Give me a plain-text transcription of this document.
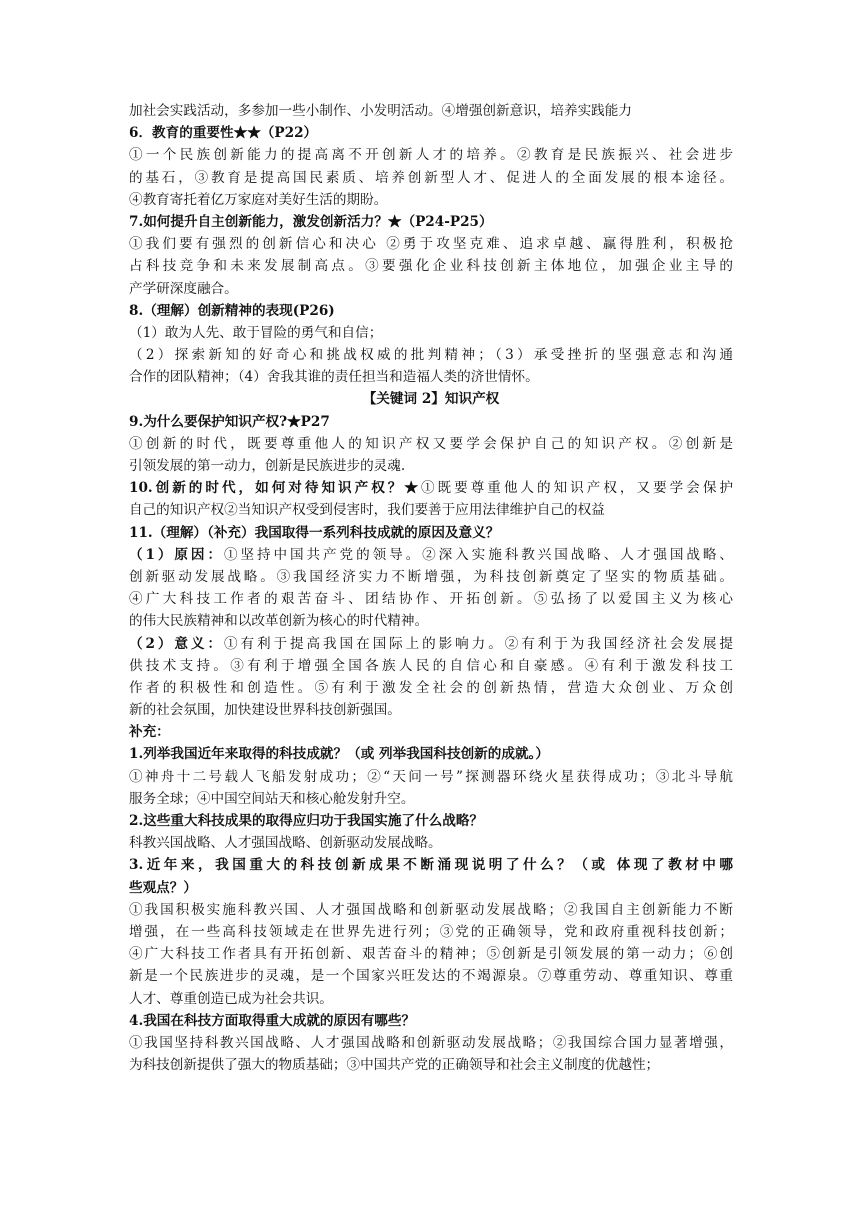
加社会实践活动，多参加一些小制作、小发明活动。④增强创新意识，培养实践能力
6．教育的重要性★★（P22）
①一个民族创新能力的提高离不开创新人才的培养。②教育是民族振兴、社会进步
的基石，③教育是提高国民素质、培养创新型人才、促进人的全面发展的根本途径。
④教育寄托着亿万家庭对美好生活的期盼。
7.如何提升自主创新能力，激发创新活力？★（P24-P25）
①我们要有强烈的创新信心和决心 ②勇于攻坚克难、追求卓越、赢得胜利，积极抢
占科技竞争和未来发展制高点。③要强化企业科技创新主体地位，加强企业主导的
产学研深度融合。
8.（理解）创新精神的表现(P26)
（1）敢为人先、敢于冒险的勇气和自信；
（2）探索新知的好奇心和挑战权威的批判精神；（3）承受挫折的坚强意志和沟通
合作的团队精神；（4）舍我其谁的责任担当和造福人类的济世情怀。
【关键词 2】知识产权
9.为什么要保护知识产权?★P27
①创新的时代，既要尊重他人的知识产权又要学会保护自己的知识产权。②创新是
引领发展的第一动力，创新是民族进步的灵魂.
10.创新的时代，如何对待知识产权？★①既要尊重他人的知识产权，又要学会保护
自己的知识产权②当知识产权受到侵害时，我们要善于应用法律维护自己的权益
11.（理解）（补充）我国取得一系列科技成就的原因及意义？
（1）原因：①坚持中国共产党的领导。②深入实施科教兴国战略、人才强国战略、
创新驱动发展战略。③我国经济实力不断增强，为科技创新奠定了坚实的物质基础。
④广大科技工作者的艰苦奋斗、团结协作、开拓创新。⑤弘扬了以爱国主义为核心
的伟大民族精神和以改革创新为核心的时代精神。
（2）意义：①有利于提高我国在国际上的影响力。②有利于为我国经济社会发展提
供技术支持。③有利于增强全国各族人民的自信心和自豪感。④有利于激发科技工
作者的积极性和创造性。⑤有利于激发全社会的创新热情，营造大众创业、万众创
新的社会氛围，加快建设世界科技创新强国。
补充：
1.列举我国近年来取得的科技成就？（或 列举我国科技创新的成就。）
①神舟十二号载人飞船发射成功；②“天问一号”探测器环绕火星获得成功；③北斗导航
服务全球；④中国空间站天和核心舱发射升空。
2.这些重大科技成果的取得应归功于我国实施了什么战略？
科教兴国战略、人才强国战略、创新驱动发展战略。
3.近年来，我国重大的科技创新成果不断涌现说明了什么？（或 体现了教材中哪
些观点？）
①我国积极实施科教兴国、人才强国战略和创新驱动发展战略；②我国自主创新能力不断
增强，在一些高科技领域走在世界先进行列；③党的正确领导，党和政府重视科技创新；
④广大科技工作者具有开拓创新、艰苦奋斗的精神；⑤创新是引领发展的第一动力；⑥创
新是一个民族进步的灵魂，是一个国家兴旺发达的不竭源泉。⑦尊重劳动、尊重知识、尊重
人才、尊重创造已成为社会共识。
4.我国在科技方面取得重大成就的原因有哪些？
①我国坚持科教兴国战略、人才强国战略和创新驱动发展战略；②我国综合国力显著增强，
为科技创新提供了强大的物质基础；③中国共产党的正确领导和社会主义制度的优越性；
